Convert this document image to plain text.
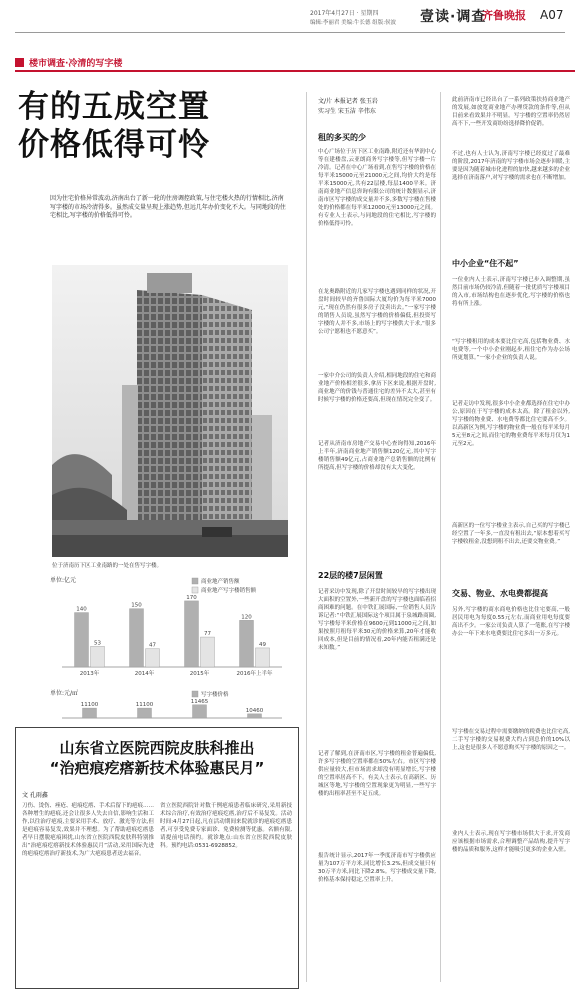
2017年4月27日 · 星期四
编辑:李丽君 美编:牛长德 组版:侯波 壹读·调查
齐鲁晚报 A07
楼市调查·冷清的写字楼
有的五成空置
价格低得可怜
因为住宅价格异常波动,济南出台了新一轮的住房调控政策,与住宅楼火热的行情相比,济南写字楼的市场冷清得多。虽然成交量呈现上涨趋势,但远几年办价变化不大。与同地段的住宅相比,写字楼的价格低得可怜。
位于济南历下区工业南路的一处在售写字楼。
140
53
2013年
150
47
2014年
170
77
2015年
120
49
2016年上半年
商业地产销售额
商业地产写字楼销售额
单位:亿元
11100	11100
11465
10460
写字楼价格
单位:元/㎡
山东省立医院西院皮肤科推出
“治疤痕疙瘩新技术体验惠民月”
文 孔雨鑫
刀伤、烫伤、痤疮、疤痕疙瘩、手术后留下的疤痕……各种增生的疤痕,还会让很多人失去自信,影响生活和工作,以往治疗疤痕,主要采用手术、放疗、激光等方法,但是疤痕容易复发,效果并不理想。为了帮助疤痕疙瘩患者早日摆脱疤痕困扰,山东省立医院西院皮肤科特别推出“治疤痕疙瘩新技术体验惠民月”活动,采用国际先进的疤痕疙瘩治疗新技术,为广大疤痕患者送去福音。
省立医院西院针对数千例疤痕患者临床研究,采用新技术综合治疗,有效治疗疤痕疙瘩,治疗后不易复发。活动时间:4月27日起,凡在活动期间来院就诊的疤痕疙瘩患者,可享受免费专家面诊、免费检测等优惠。名额有限,请提前电话预约。就诊地点:山东省立医院西院皮肤科。预约电话:0531-6928852。
文/片 本报记者 张玉岩
实习生 宋玉洁 辛伟东
租的多买的少
中心广场位于历下区工业南路,附近还有华润中心等在建楼盘,云亚朗商务写字楼等,但写字楼一片冷清。记者在中心广场看到,在售写字楼的价格在每平米15000元至21000元之间,均价大约是每平米15000元,共有22层楼,每层1400平米。济南商业地产信息咨询有限公司的统计数据显示,济南市区写字楼的成交量并不多,多数写字楼在售楼处的价格都在每平米12000元至13000元之间。有专业人士表示,与同地段的住宅相比,写字楼的价格低得可怜。
在龙奥路附近的几家写字楼也遇到同样的状况,开盘时间较早的齐鲁国际大厦均价为每平米7000元,“现在仍然有很多房子没卖出去。”一家写字楼的销售人员说,虽然写字楼的价格偏低,但投资写字楼的人并不多,市场上的写字楼供大于求,“很多公司宁愿租也不愿意买”。
一家中介公司的负责人介绍,相同地段的住宅和商业地产价格相差很多,拿历下区来说,根据开盘时,商业地产的价钱与普通住宅的差异不太大,甚至有时候写字楼的价格还要高,但现在情况完全变了。
记者从济南市房地产交易中心查询得知,2016年上半年,济南商业地产销售额120亿元,其中写字楼销售额49亿元,占商业地产总销售额的比例有所提高,但写字楼的价格却没有太大变化。
22层的楼7层闲置
记者采访中发现,除了开盘时间较早的写字楼出现大面积的空置外,一些新开盘的写字楼也面临着招商困难的问题。在中铁汇展国际,一位销售人员告诉记者:“中铁汇展国际这个项目属于泉城路商圈,写字楼每平米价格在9600元到11000元之间,如果按照月租每平米30元的价格来算,20年才能收回成本,但是目前的情况看,20年内能否租满还是未知数。”
记者了解到,在济南市区,写字楼的租金普遍偏低,许多写字楼的空置率都在50%左右。市区写字楼供应量较大,但市场需求却没有明显增长,写字楼的空置率居高不下。有关人士表示,在高新区、历城区等地,写字楼的空置现象更为明显,一些写字楼的出租率甚至不足五成。
报告统计显示,2017年一季度济南市写字楼供应量为107万平方米,同比增长3.2%,但成交量只有30万平方米,同比下降2.8%。写字楼成交量下降,价格基本保持稳定,空置率上升。
此前济南市已经出台了一系列政策扶持商业地产的发展,如放宽商业地产办理贷款的条件等,但从目前来看效果并不明显。写字楼的空置率仍然居高不下,一些开发商纷纷选择降价促销。
不过,也有人士认为,济南写字楼已经度过了最难的阶段,2017年济南的写字楼市场会逐步回暖,主要是因为随着城市化进程的加快,越来越多的企业选择在济南落户,对写字楼的需求也在不断增加。
中小企业“住不起”
一位业内人士表示,济南写字楼已步入调整期,虽然目前市场仍较冷清,但随着一批优质写字楼项目的入市,市场结构也在逐步优化,写字楼的价格也将有所上涨。
“写字楼租用的成本要比住宅高,包括物业费、水电费等,一个中小企业刚起步,租住宅作为办公场所更划算。”一家小企业的负责人说。
记者走访中发现,很多中小企业都选择在住宅中办公,原因在于写字楼的成本太高。除了租金以外,写字楼的物业费、水电费等都比住宅要高不少。以高新区为例,写字楼的物业费一般在每平米每月5元至8元之间,而住宅的物业费每平米每月仅为1元至2元。
高新区的一位写字楼业主表示,自己买的写字楼已经空置了一年多,一直没有租出去,“原本想着买写字楼收租金,没想到租不出去,还要交物业费。”
交易、物业、水电费都提高
另外,写字楼的商水商电价格也比住宅要高,一般居民用电为每度0.55元左右,而商业用电每度要高出不少。一家公司负责人算了一笔账,在写字楼办公一年下来水电费要比住宅多出一万多元。
写字楼在交易过程中需要缴纳的税费也比住宅高,二手写字楼的交易税费大约占到总价的10%以上,这也是很多人不愿意购买写字楼的原因之一。
业内人士表示,现在写字楼市场供大于求,开发商应该根据市场需求,合理调整产品结构,提升写字楼的品质和服务,这样才能吸引更多的企业入驻。
